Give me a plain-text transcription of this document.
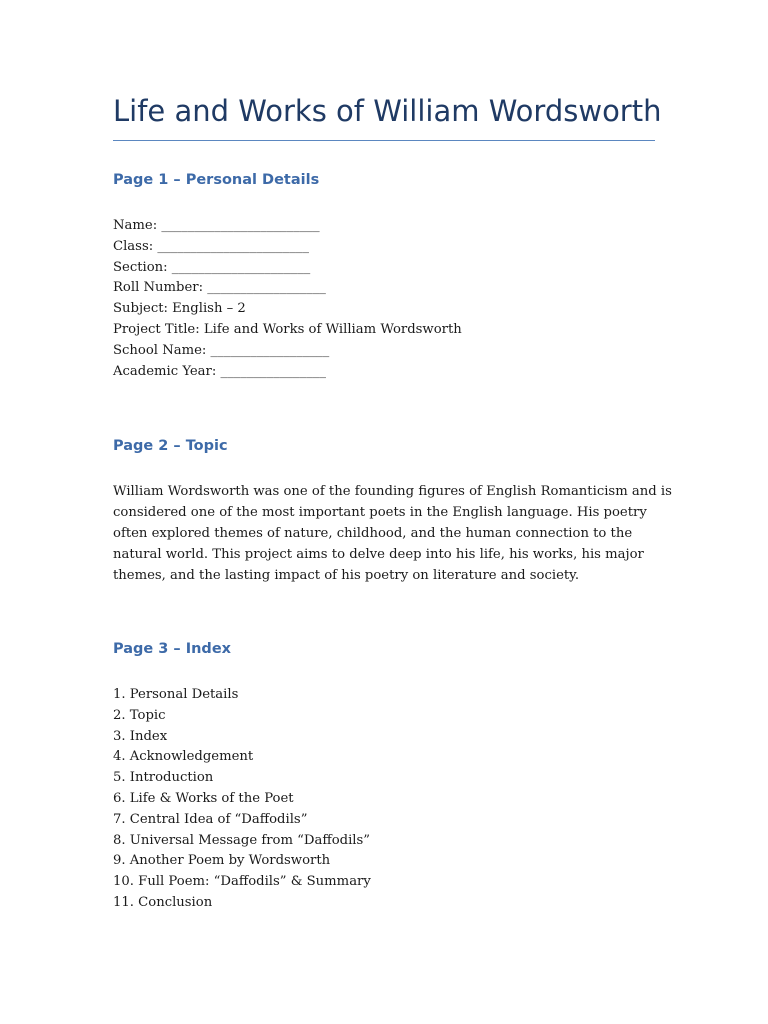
Life and Works of William Wordsworth
Page 1 – Personal Details
Name: ________________________
Class: _______________________
Section: _____________________
Roll Number: __________________
Subject: English – 2
Project Title: Life and Works of William Wordsworth
School Name: __________________
Academic Year: ________________
Page 2 – Topic

William Wordsworth was one of the founding figures of English Romanticism and is
considered one of the most important poets in the English language. His poetry
often explored themes of nature, childhood, and the human connection to the
natural world. This project aims to delve deep into his life, his works, his major
themes, and the lasting impact of his poetry on literature and society.

Page 3 – Index
1. Personal Details
2. Topic
3. Index
4. Acknowledgement
5. Introduction
6. Life & Works of the Poet
7. Central Idea of “Daffodils”
8. Universal Message from “Daffodils”
9. Another Poem by Wordsworth
10. Full Poem: “Daffodils” & Summary
11. Conclusion
